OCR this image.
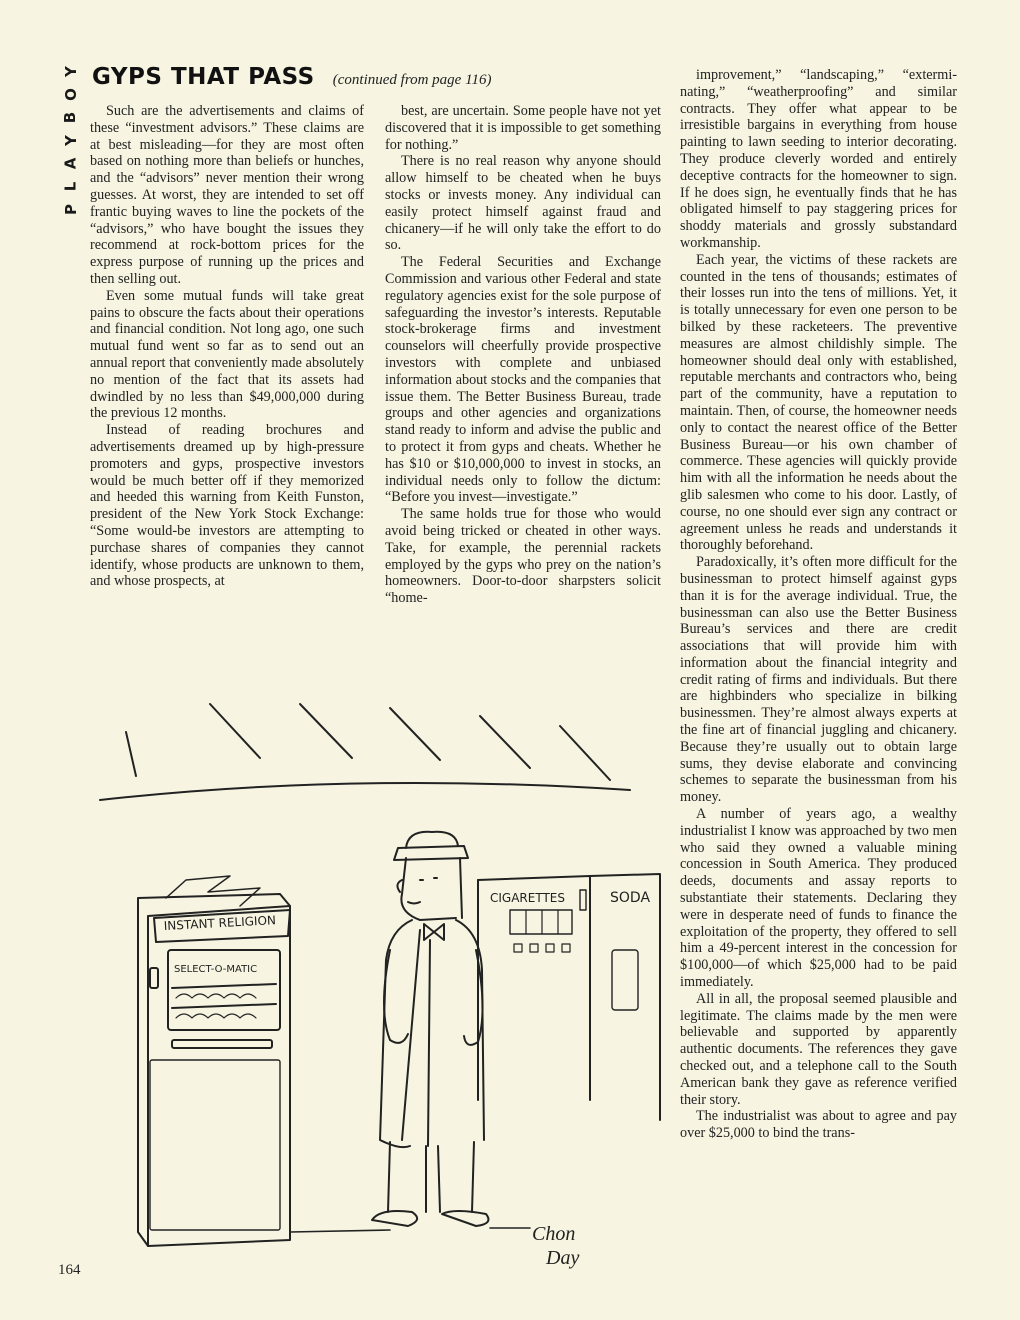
Y
O
B
Y
A
L
P
GYPS THAT PASS (continued from page 116)

Such are the advertisements and claims of these “investment advisors.” These claims are at best misleading—for they are most often based on nothing more than beliefs or hunches, and the “advisors” never mention their wrong guesses. At worst, they are intended to set off frantic buying waves to line the pockets of the “advisors,” who have bought the issues they recommend at rock-bottom prices for the express purpose of running up the prices and then selling out.

Even some mutual funds will take great pains to obscure the facts about their operations and financial condition. Not long ago, one such mutual fund went so far as to send out an annual report that conveniently made absolutely no mention of the fact that its assets had dwindled by no less than $49,000,000 during the previous 12 months.

Instead of reading brochures and advertisements dreamed up by high-pressure promoters and gyps, prospective investors would be much better off if they memorized and heeded this warning from Keith Funston, president of the New York Stock Exchange: “Some would-be investors are attempting to purchase shares of companies they cannot identify, whose products are unknown to them, and whose prospects, at

best, are uncertain. Some people have not yet discovered that it is impossible to get something for nothing.”

There is no real reason why anyone should allow himself to be cheated when he buys stocks or invests money. Any individual can easily protect himself against fraud and chicanery—if he will only take the effort to do so.

The Federal Securities and Exchange Commission and various other Federal and state regulatory agencies exist for the sole purpose of safeguarding the investor’s interests. Reputable stock-brokerage firms and investment counselors will cheerfully provide prospective investors with complete and unbiased information about stocks and the companies that issue them. The Better Business Bureau, trade groups and other agencies and organizations stand ready to inform and advise the public and to protect it from gyps and cheats. Whether he has $10 or $10,000,000 to invest in stocks, an individual needs only to follow the dictum: “Before you invest—investigate.”

The same holds true for those who would avoid being tricked or cheated in other ways. Take, for example, the perennial rackets employed by the gyps who prey on the nation’s homeowners. Door-to-door sharpsters solicit “home-

improvement,” “landscaping,” “exterminating,” “weatherproofing” and similar contracts. They offer what appear to be irresistible bargains in everything from house painting to lawn seeding to interior decorating. They produce cleverly worded and entirely deceptive contracts for the homeowner to sign. If he does sign, he eventually finds that he has obligated himself to pay staggering prices for shoddy materials and grossly substandard workmanship.

Each year, the victims of these rackets are counted in the tens of thousands; estimates of their losses run into the tens of millions. Yet, it is totally unnecessary for even one person to be bilked by these racketeers. The preventive measures are almost childishly simple. The homeowner should deal only with established, reputable merchants and contractors who, being part of the community, have a reputation to maintain. Then, of course, the homeowner needs only to contact the nearest office of the Better Business Bureau—or his own chamber of commerce. These agencies will quickly provide him with all the information he needs about the glib salesmen who come to his door. Lastly, of course, no one should ever sign any contract or agreement unless he reads and understands it thoroughly beforehand.

Paradoxically, it’s often more difficult for the businessman to protect himself against gyps than it is for the average individual. True, the businessman can also use the Better Business Bureau’s services and there are credit associations that will provide him with information about the financial integrity and credit rating of firms and individuals. But there are highbinders who specialize in bilking businessmen. They’re almost always experts at the fine art of financial juggling and chicanery. Because they’re usually out to obtain large sums, they devise elaborate and convincing schemes to separate the businessman from his money.

A number of years ago, a wealthy industrialist I know was approached by two men who said they owned a valuable mining concession in South America. They produced deeds, documents and assay reports to substantiate their statements. Declaring they were in desperate need of funds to finance the exploitation of the property, they offered to sell him a 49-percent interest in the concession for $100,000—of which $25,000 had to be paid immediately.

All in all, the proposal seemed plausible and legitimate. The claims made by the men were believable and supported by apparently authentic documents. The references they gave checked out, and a telephone call to the South American bank they gave as reference verified their story.

The industrialist was about to agree and pay over $25,000 to bind the trans-

INSTANT RELIGION
SELECT-O-MATIC
CIGARETTES	SODA
Chon
Day
164
